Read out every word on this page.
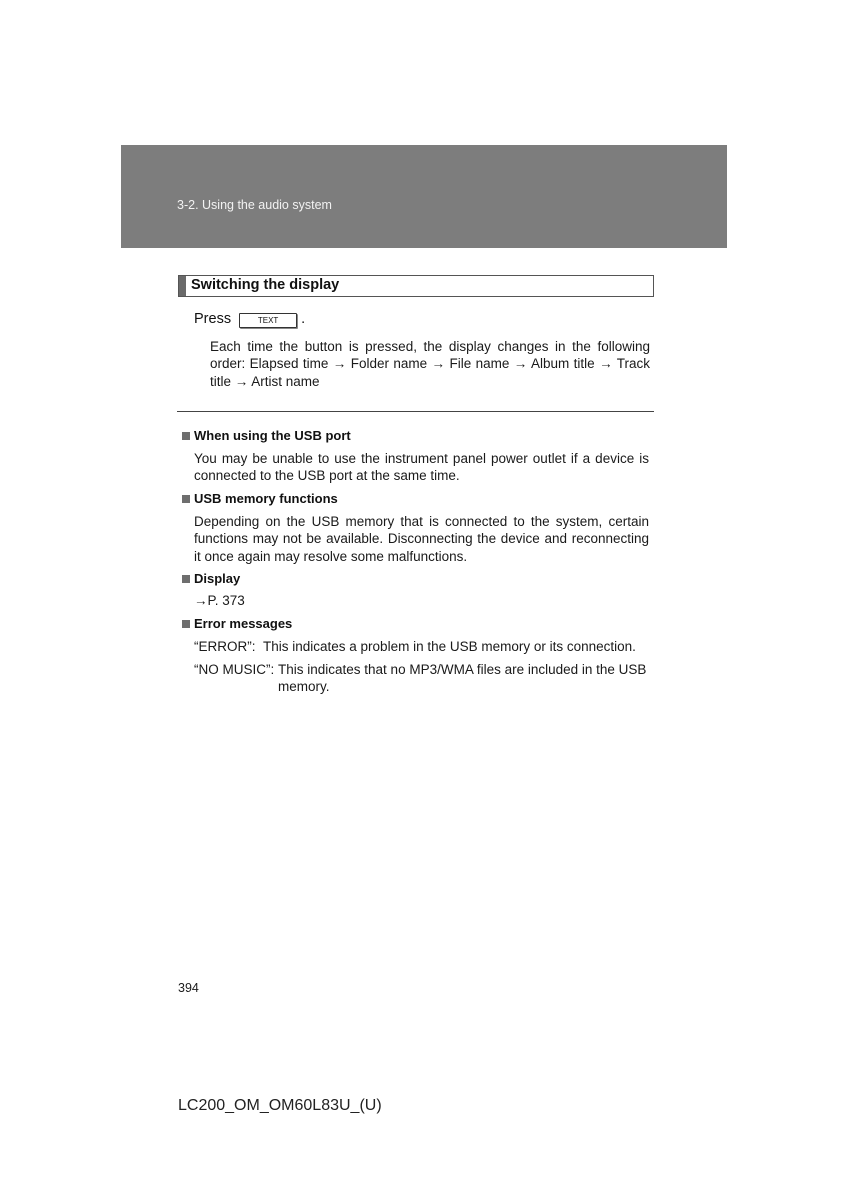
3-2. Using the audio system
Switching the display
Press	TEXT	.
Each time the button is pressed, the display changes in the following order: Elapsed time → Folder name → File name → Album title → Track title → Artist name
When using the USB port
You may be unable to use the instrument panel power outlet if a device is connected to the USB port at the same time.
USB memory functions
Depending on the USB memory that is connected to the system, certain functions may not be available. Disconnecting the device and reconnecting it once again may resolve some malfunctions.
Display
→P. 373
Error messages
“ERROR”: This indicates a problem in the USB memory or its connection.
“NO MUSIC”: This indicates that no MP3/WMA files are included in the USB memory.
394
LC200_OM_OM60L83U_(U)
